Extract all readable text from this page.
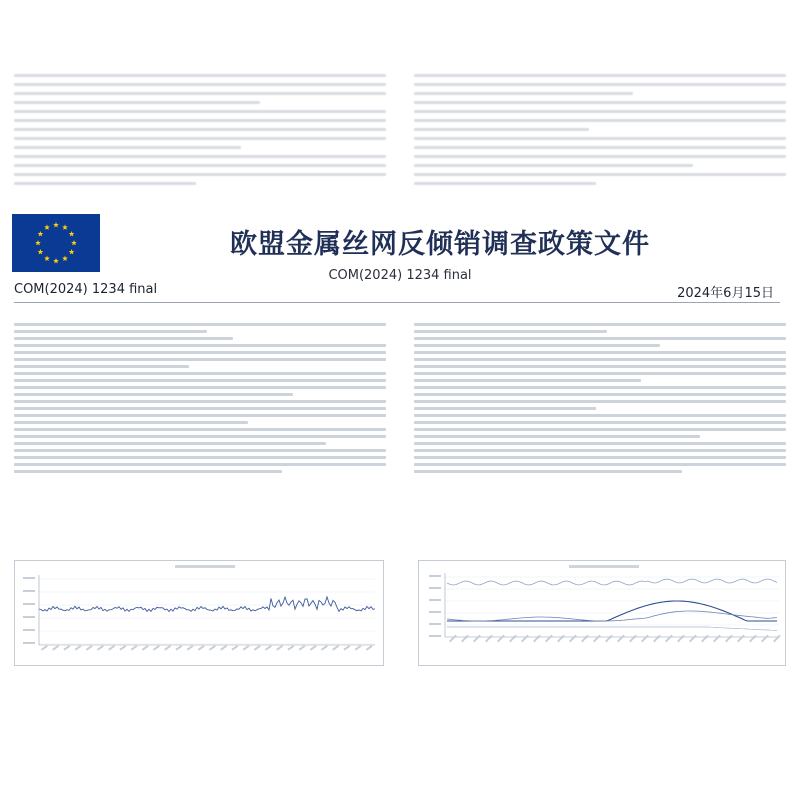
欧盟金属丝网反倾销调查政策文件
COM(2024) 1234 final
COM(2024) 1234 final	2024年6月15日
